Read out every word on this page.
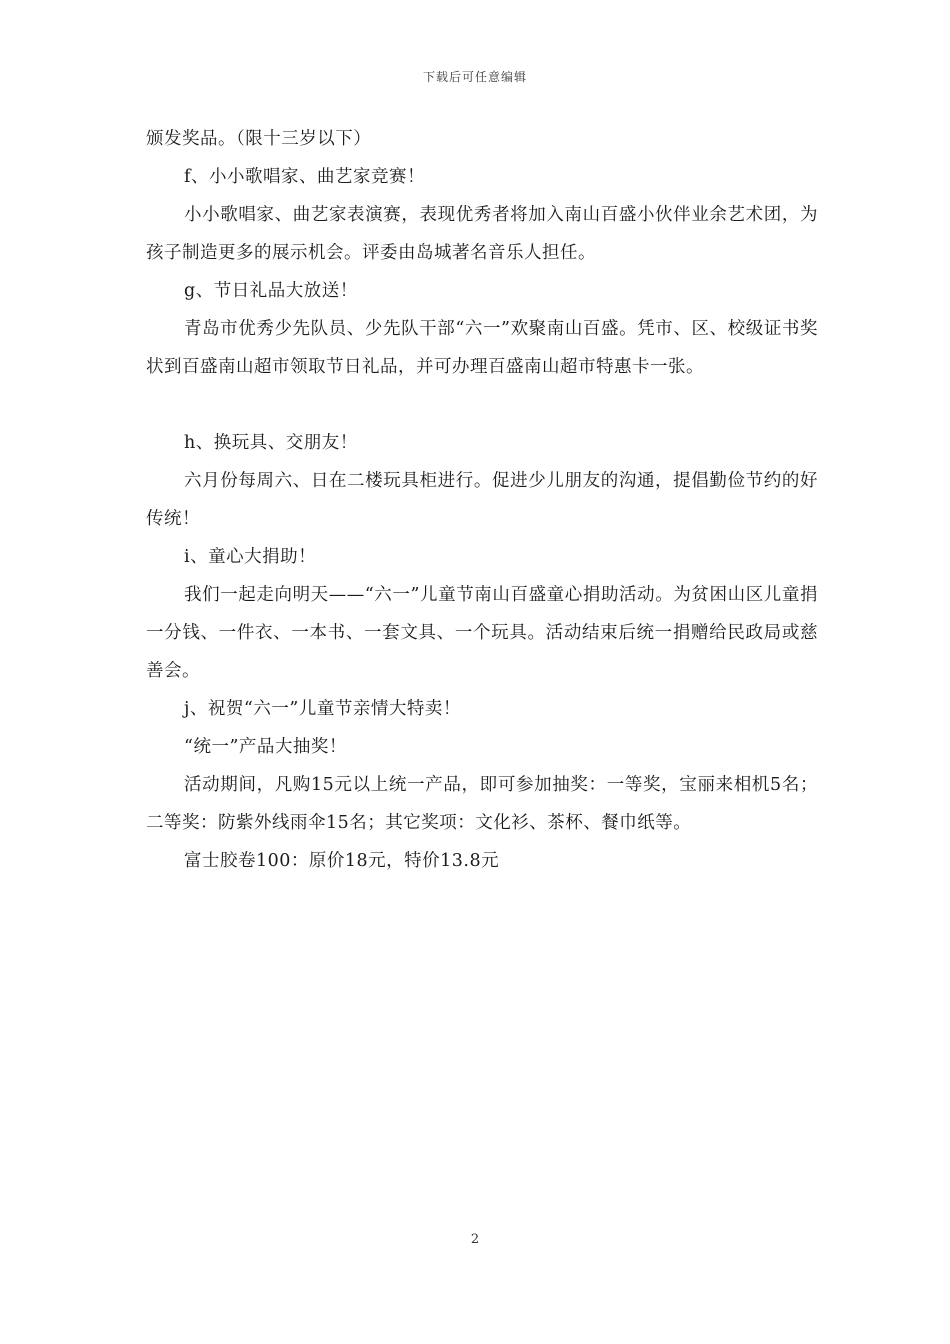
下载后可任意编辑

颁发奖品。（限十三岁以下）

f、小小歌唱家、曲艺家竞赛！

小小歌唱家、曲艺家表演赛，表现优秀者将加入南山百盛小伙伴业余艺术团，为孩子制造更多的展示机会。评委由岛城著名音乐人担任。

g、节日礼品大放送！

青岛市优秀少先队员、少先队干部“六一”欢聚南山百盛。凭市、区、校级证书奖状到百盛南山超市领取节日礼品，并可办理百盛南山超市特惠卡一张。

h、换玩具、交朋友！

六月份每周六、日在二楼玩具柜进行。促进少儿朋友的沟通，提倡勤俭节约的好传统！

i、童心大捐助！

我们一起走向明天——“六一”儿童节南山百盛童心捐助活动。为贫困山区儿童捐一分钱、一件衣、一本书、一套文具、一个玩具。活动结束后统一捐赠给民政局或慈善会。

j、祝贺“六一”儿童节亲情大特卖！

“统一”产品大抽奖！

活动期间，凡购15元以上统一产品，即可参加抽奖：一等奖，宝丽来相机5名；二等奖：防紫外线雨伞15名；其它奖项：文化衫、茶杯、餐巾纸等。

富士胶卷100：原价18元，特价13.8元

2
